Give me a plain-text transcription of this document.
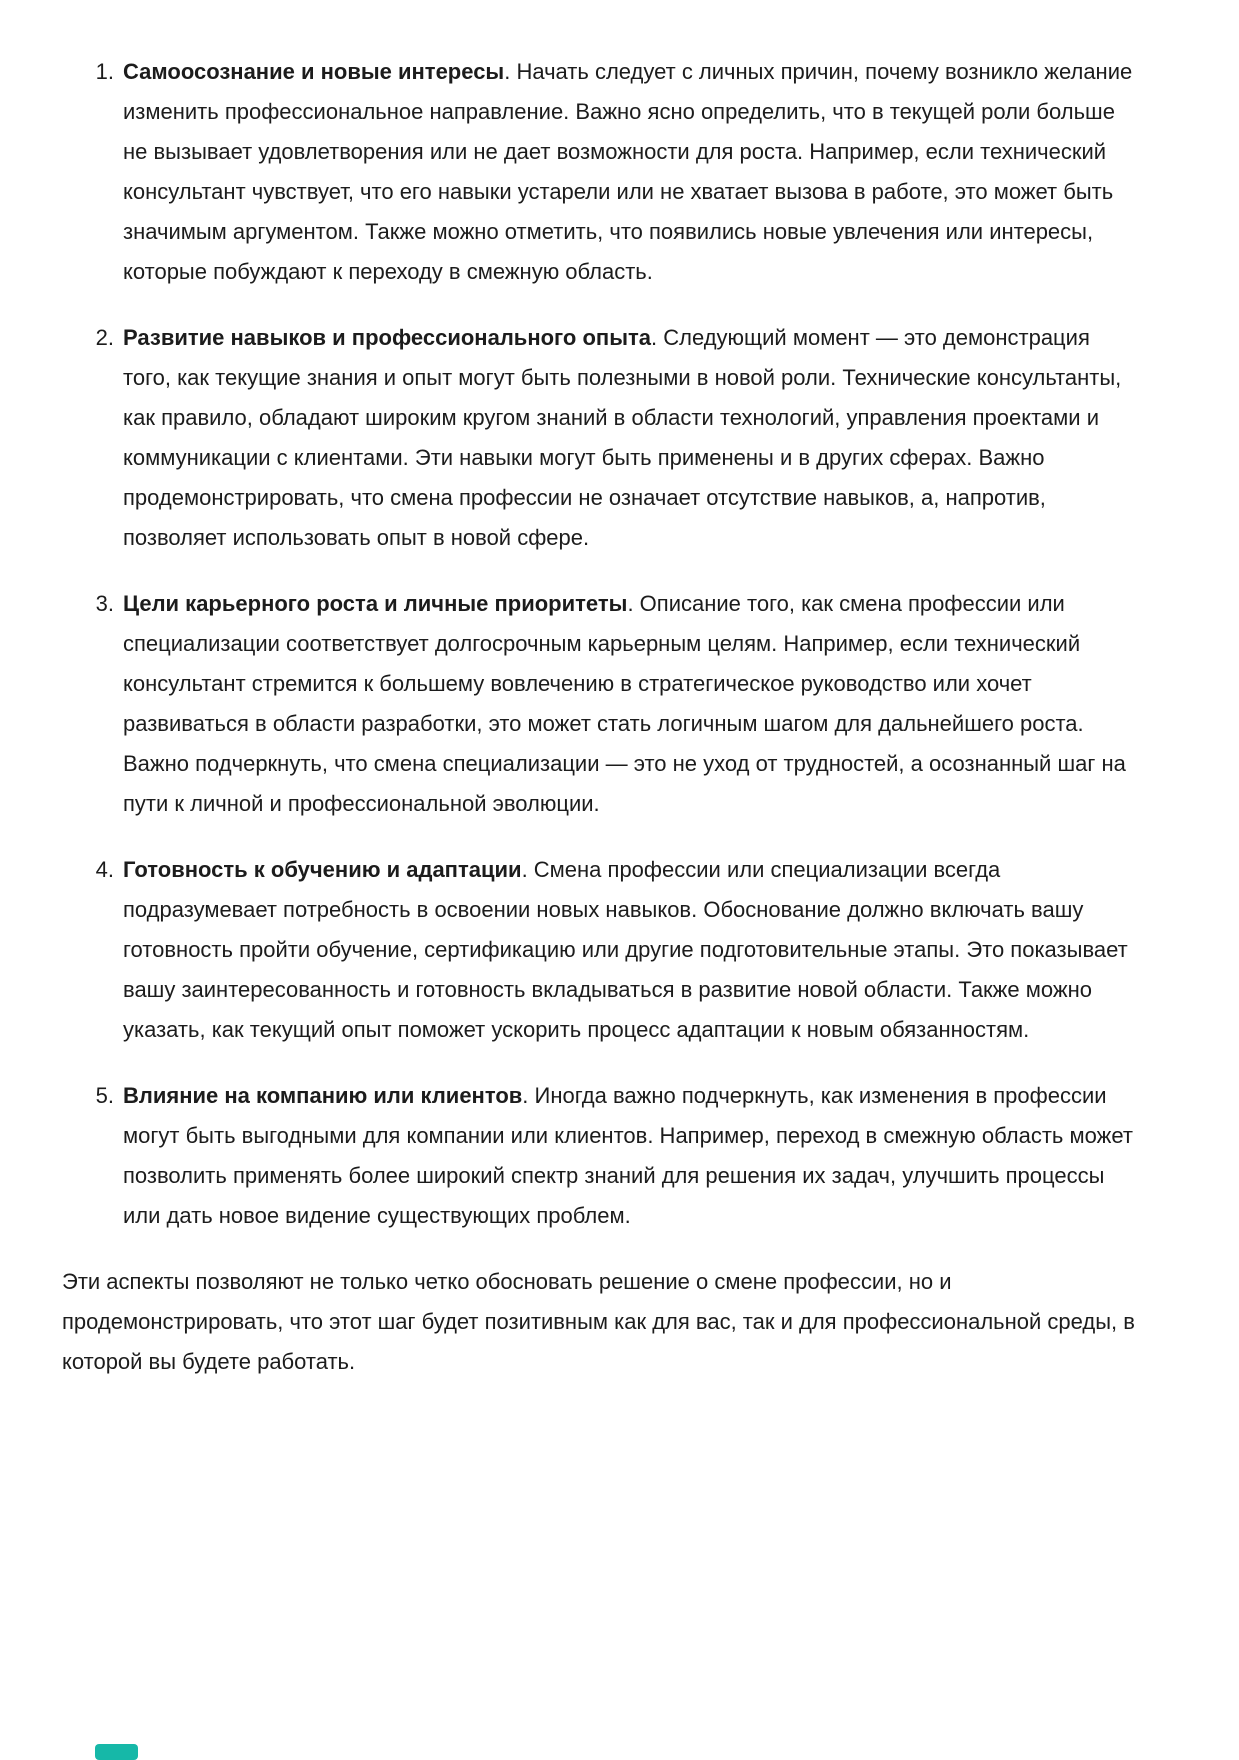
1. Самоосознание и новые интересы. Начать следует с личных причин, почему возникло желание изменить профессиональное направление. Важно ясно определить, что в текущей роли больше не вызывает удовлетворения или не дает возможности для роста. Например, если технический консультант чувствует, что его навыки устарели или не хватает вызова в работе, это может быть значимым аргументом. Также можно отметить, что появились новые увлечения или интересы, которые побуждают к переходу в смежную область.
2. Развитие навыков и профессионального опыта. Следующий момент — это демонстрация того, как текущие знания и опыт могут быть полезными в новой роли. Технические консультанты, как правило, обладают широким кругом знаний в области технологий, управления проектами и коммуникации с клиентами. Эти навыки могут быть применены и в других сферах. Важно продемонстрировать, что смена профессии не означает отсутствие навыков, а, напротив, позволяет использовать опыт в новой сфере.
3. Цели карьерного роста и личные приоритеты. Описание того, как смена профессии или специализации соответствует долгосрочным карьерным целям. Например, если технический консультант стремится к большему вовлечению в стратегическое руководство или хочет развиваться в области разработки, это может стать логичным шагом для дальнейшего роста. Важно подчеркнуть, что смена специализации — это не уход от трудностей, а осознанный шаг на пути к личной и профессиональной эволюции.
4. Готовность к обучению и адаптации. Смена профессии или специализации всегда подразумевает потребность в освоении новых навыков. Обоснование должно включать вашу готовность пройти обучение, сертификацию или другие подготовительные этапы. Это показывает вашу заинтересованность и готовность вкладываться в развитие новой области. Также можно указать, как текущий опыт поможет ускорить процесс адаптации к новым обязанностям.
5. Влияние на компанию или клиентов. Иногда важно подчеркнуть, как изменения в профессии могут быть выгодными для компании или клиентов. Например, переход в смежную область может позволить применять более широкий спектр знаний для решения их задач, улучшить процессы или дать новое видение существующих проблем.

Эти аспекты позволяют не только четко обосновать решение о смене профессии, но и продемонстрировать, что этот шаг будет позитивным как для вас, так и для профессиональной среды, в которой вы будете работать.
